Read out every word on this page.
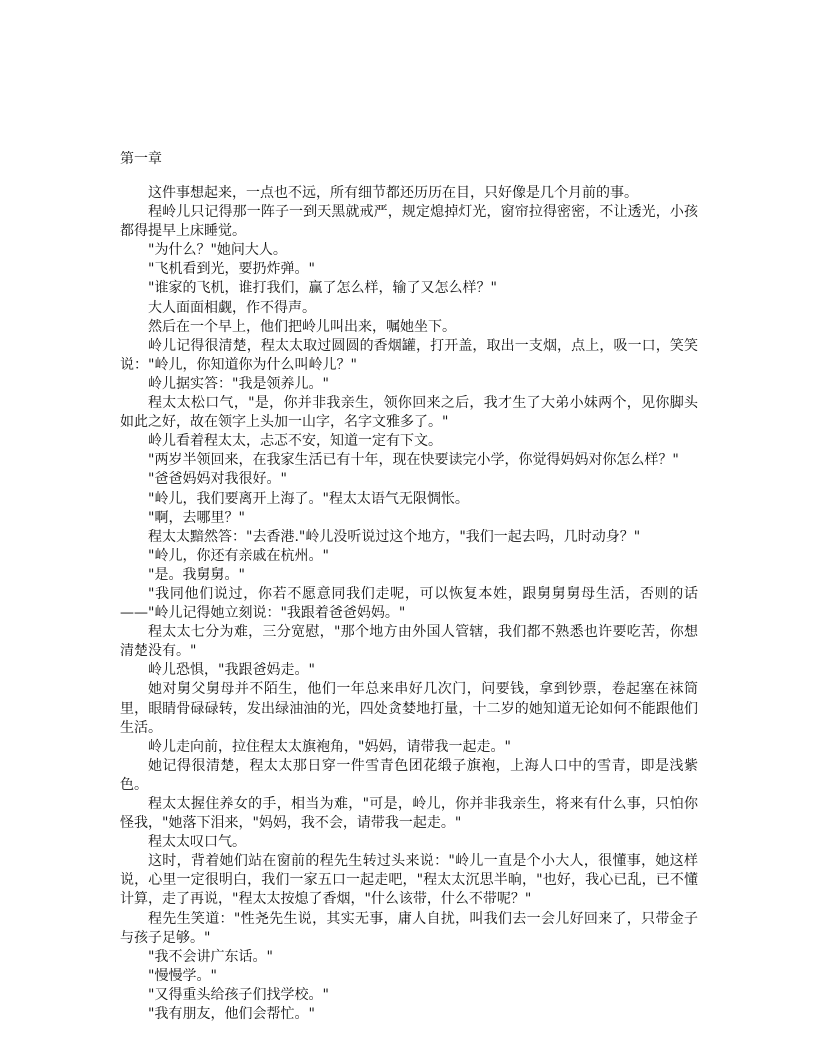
第一章

这件事想起来，一点也不远，所有细节都还历历在目，只好像是几个月前的事。

程岭儿只记得那一阵子一到天黑就戒严，规定熄掉灯光，窗帘拉得密密，不让透光，小孩都得提早上床睡觉。

"为什么？"她问大人。

"飞机看到光，要扔炸弹。"

"谁家的飞机，谁打我们，赢了怎么样，输了又怎么样？"

大人面面相觑，作不得声。

然后在一个早上，他们把岭儿叫出来，嘱她坐下。

岭儿记得很清楚，程太太取过圆圆的香烟罐，打开盖，取出一支烟，点上，吸一口，笑笑说："岭儿，你知道你为什么叫岭儿？"

岭儿据实答："我是领养儿。"

程太太松口气，"是，你并非我亲生，领你回来之后，我才生了大弟小妹两个，见你脚头如此之好，故在领字上头加一山字，名字文雅多了。"

岭儿看着程太太，忐忑不安，知道一定有下文。

"两岁半领回来，在我家生活已有十年，现在快要读完小学，你觉得妈妈对你怎么样？"

"爸爸妈妈对我很好。"

"岭儿，我们要离开上海了。"程太太语气无限惆怅。

"啊，去哪里？"

程太太黯然答："去香港."岭儿没听说过这个地方，"我们一起去吗，几时动身？"

"岭儿，你还有亲戚在杭州。"

"是。我舅舅。"

"我同他们说过，你若不愿意同我们走呢，可以恢复本姓，跟舅舅舅母生活，否则的话——"岭儿记得她立刻说："我跟着爸爸妈妈。"

程太太七分为难，三分宽慰，"那个地方由外国人管辖，我们都不熟悉也许要吃苦，你想清楚没有。"

岭儿恐惧，"我跟爸妈走。"

她对舅父舅母并不陌生，他们一年总来串好几次门，问要钱，拿到钞票，卷起塞在袜筒里，眼睛骨碌碌转，发出绿油油的光，四处贪婪地打量，十二岁的她知道无论如何不能跟他们生活。

岭儿走向前，拉住程太太旗袍角，"妈妈，请带我一起走。"

她记得很清楚，程太太那日穿一件雪青色团花缎子旗袍，上海人口中的雪青，即是浅紫色。

程太太握住养女的手，相当为难，"可是，岭儿，你并非我亲生，将来有什么事，只怕你怪我，"她落下泪来，"妈妈，我不会，请带我一起走。"

程太太叹口气。

这时，背着她们站在窗前的程先生转过头来说："岭儿一直是个小大人，很懂事，她这样说，心里一定很明白，我们一家五口一起走吧，"程太太沉思半晌，"也好，我心已乱，已不懂计算，走了再说，"程太太按熄了香烟，"什么该带，什么不带呢？"

程先生笑道："性尧先生说，其实无事，庸人自扰，叫我们去一会儿好回来了，只带金子与孩子足够。"

"我不会讲广东话。"

"慢慢学。"

"又得重头给孩子们找学校。"

"我有朋友，他们会帮忙。"
